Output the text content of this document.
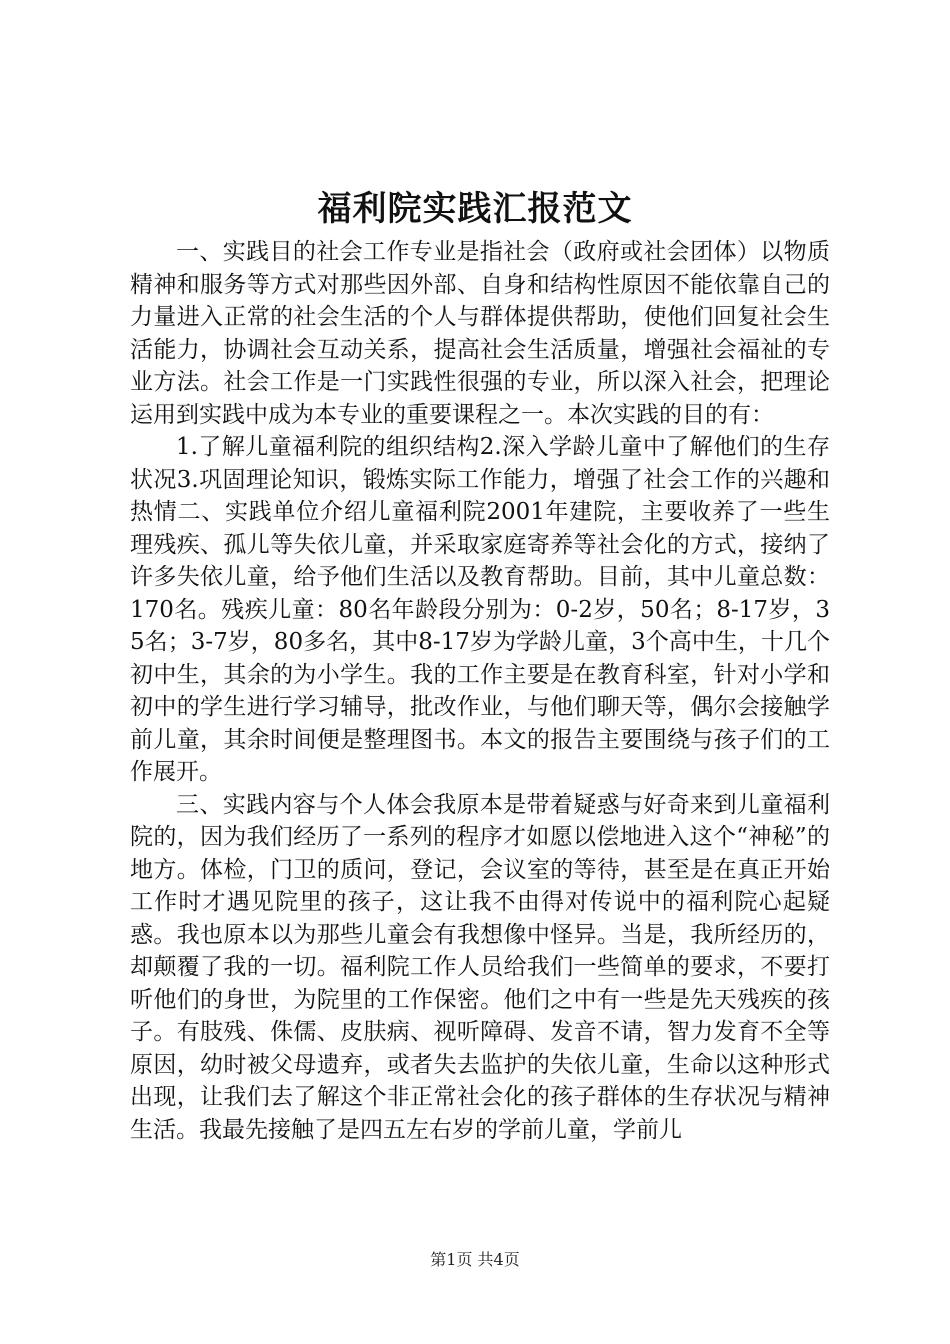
福利院实践汇报范文

一、实践目的社会工作专业是指社会（政府或社会团体）以物质精神和服务等方式对那些因外部、自身和结构性原因不能依靠自己的力量进入正常的社会生活的个人与群体提供帮助，使他们回复社会生活能力，协调社会互动关系，提高社会生活质量，增强社会福祉的专业方法。社会工作是一门实践性很强的专业，所以深入社会，把理论运用到实践中成为本专业的重要课程之一。本次实践的目的有：

1.了解儿童福利院的组织结构2.深入学龄儿童中了解他们的生存状况3.巩固理论知识，锻炼实际工作能力，增强了社会工作的兴趣和热情二、实践单位介绍儿童福利院2001年建院，主要收养了一些生理残疾、孤儿等失依儿童，并采取家庭寄养等社会化的方式，接纳了许多失依儿童，给予他们生活以及教育帮助。目前，其中儿童总数：170名。残疾儿童：80名年龄段分别为：0-2岁，50名；8-17岁，35名；3-7岁，80多名，其中8-17岁为学龄儿童，3个高中生，十几个初中生，其余的为小学生。我的工作主要是在教育科室，针对小学和初中的学生进行学习辅导，批改作业，与他们聊天等，偶尔会接触学前儿童，其余时间便是整理图书。本文的报告主要围绕与孩子们的工作展开。

三、实践内容与个人体会我原本是带着疑惑与好奇来到儿童福利院的，因为我们经历了一系列的程序才如愿以偿地进入这个“神秘”的地方。体检，门卫的质问，登记，会议室的等待，甚至是在真正开始工作时才遇见院里的孩子，这让我不由得对传说中的福利院心起疑惑。我也原本以为那些儿童会有我想像中怪异。当是，我所经历的，却颠覆了我的一切。福利院工作人员给我们一些简单的要求，不要打听他们的身世，为院里的工作保密。他们之中有一些是先天残疾的孩子。有肢残、侏儒、皮肤病、视听障碍、发音不请，智力发育不全等原因，幼时被父母遗弃，或者失去监护的失依儿童，生命以这种形式出现，让我们去了解这个非正常社会化的孩子群体的生存状况与精神生活。我最先接触了是四五左右岁的学前儿童，学前儿

第1页 共4页
